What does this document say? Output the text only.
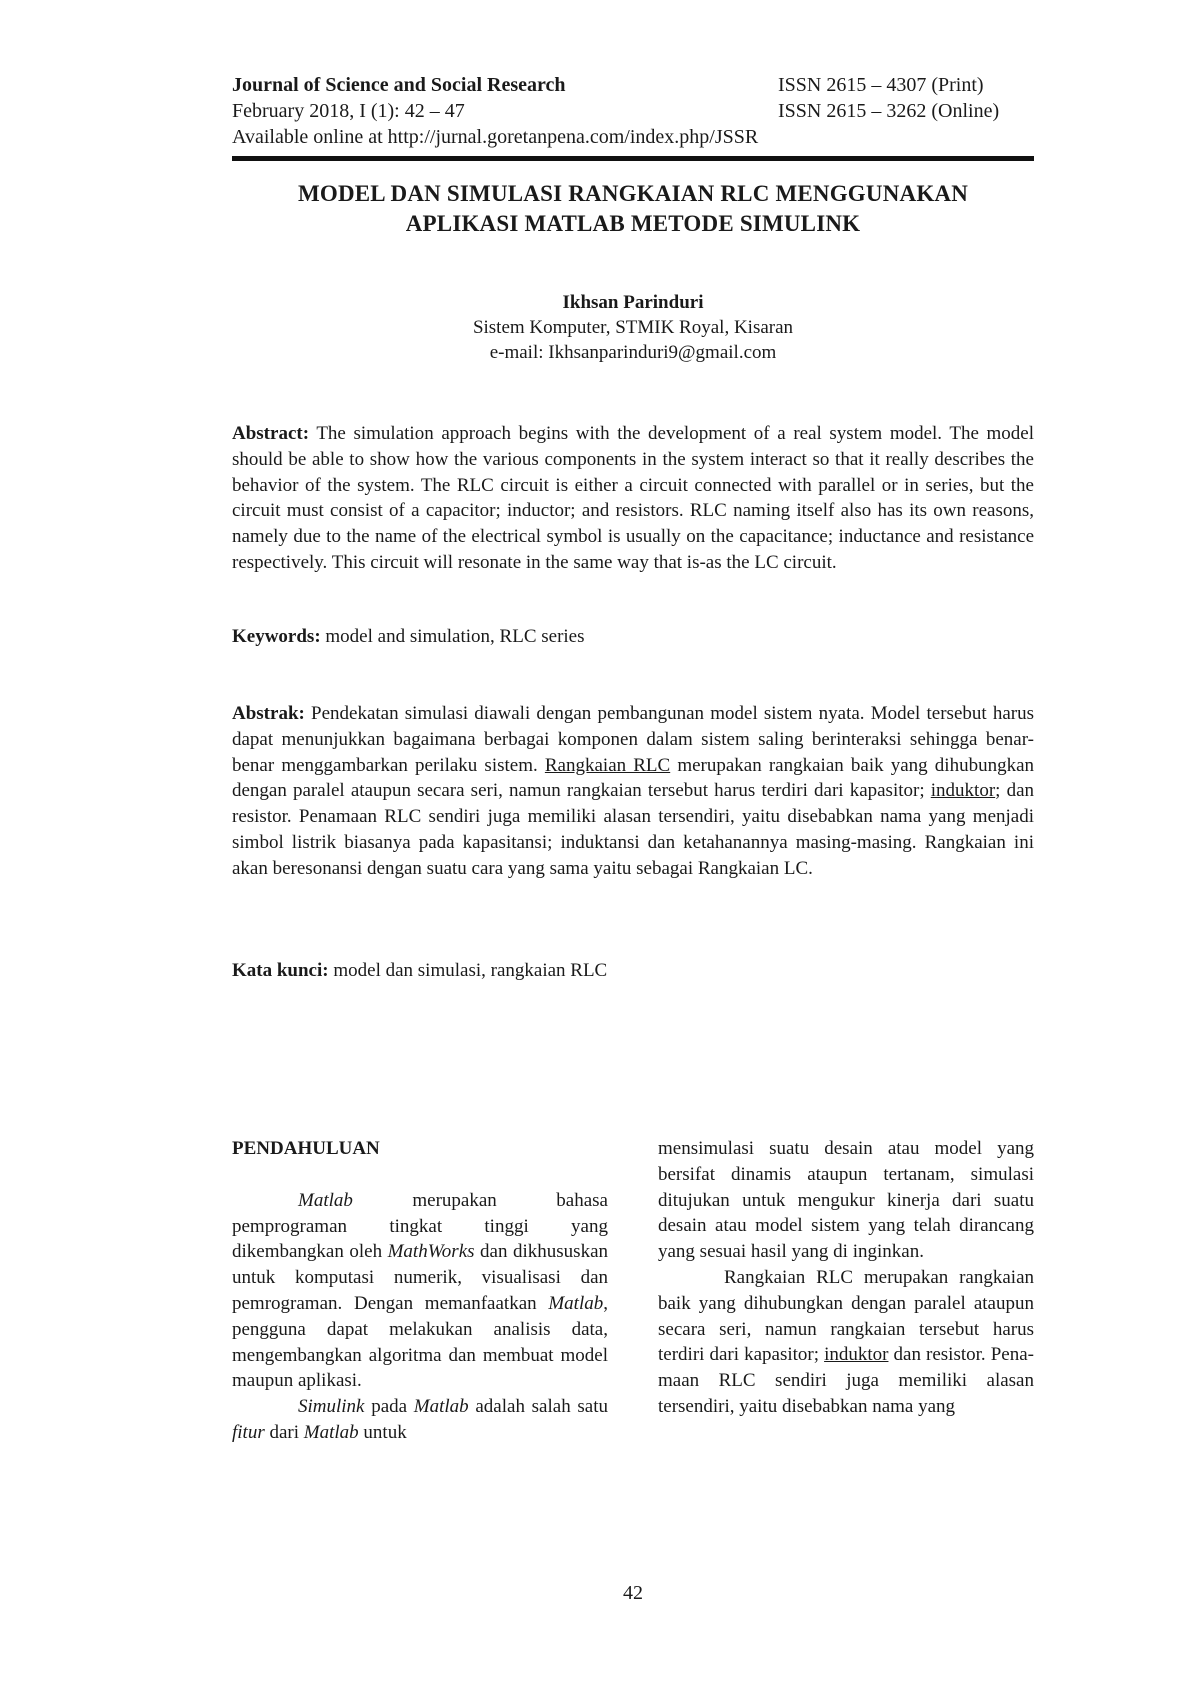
Journal of Science and Social Research
February 2018, I (1): 42 – 47
Available online at http://jurnal.goretanpena.com/index.php/JSSR
ISSN 2615 – 4307 (Print)
ISSN 2615 – 3262 (Online)
MODEL DAN SIMULASI RANGKAIAN RLC MENGGUNAKAN
APLIKASI MATLAB METODE SIMULINK
Ikhsan Parinduri
Sistem Komputer, STMIK Royal, Kisaran
e-mail: Ikhsanparinduri9@gmail.com
Abstract: The simulation approach begins with the development of a real system model. The model should be able to show how the various components in the system interact so that it really describes the behavior of the system. The RLC circuit is either a circuit connected with parallel or in series, but the circuit must consist of a capacitor; inductor; and resistors. RLC naming itself also has its own reasons, namely due to the name of the electrical symbol is usually on the capacitance; inductance and resistance respectively. This circuit will resonate in the same way that is-as the LC circuit.
Keywords: model and simulation, RLC series
Abstrak: Pendekatan simulasi diawali dengan pembangunan model sistem nyata. Model tersebut harus dapat menunjukkan bagaimana berbagai komponen dalam sistem saling berinteraksi sehingga benar-benar menggambarkan perilaku sistem. Rangkaian RLC merupakan rangkaian baik yang dihubungkan dengan paralel ataupun secara seri, namun rangkaian tersebut harus terdiri dari kapasitor; induktor; dan resistor. Penamaan RLC sendiri juga memiliki alasan tersendiri, yaitu disebabkan nama yang menjadi simbol listrik biasanya pada kapasitansi; induktansi dan ketahanannya masing-masing. Rangkaian ini akan beresonansi dengan suatu cara yang sama yaitu sebagai Rangkaian LC.
Kata kunci: model dan simulasi, rangkaian RLC
PENDAHULUAN

Matlab merupakan bahasa pemprograman tingkat tinggi yang dikembangkan oleh MathWorks dan dikhususkan untuk komputasi numerik, visualisasi dan pemrograman. Dengan memanfaatkan Matlab, pengguna dapat melakukan analisis data, mengembangkan algoritma dan membuat model maupun aplikasi.

Simulink pada Matlab adalah salah satu fitur dari Matlab untuk

mensimulasi suatu desain atau model yang bersifat dinamis ataupun tertanam, simulasi ditujukan untuk mengukur kinerja dari suatu desain atau model sistem yang telah dirancang yang sesuai hasil yang di inginkan.

Rangkaian RLC merupakan rangkaian baik yang dihubungkan dengan paralel ataupun secara seri, namun rangkaian tersebut harus terdiri dari kapasitor; induktor dan resistor. Penamaan RLC sendiri juga memiliki alasan tersendiri, yaitu disebabkan nama yang

42
